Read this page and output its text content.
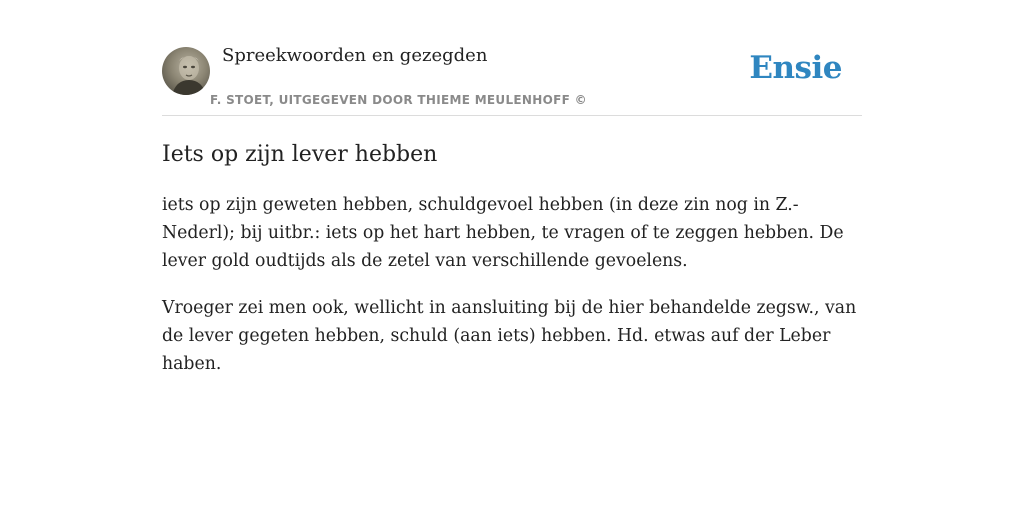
Spreekwoorden en gezegden
F. STOET, UITGEGEVEN DOOR THIEME MEULENHOFF ©
Ensie
Iets op zijn lever hebben

iets op zijn geweten hebben, schuldgevoel hebben (in deze zin nog in Z.-Nederl); bij uitbr.: iets op het hart hebben, te vragen of te zeggen hebben. De lever gold oudtijds als de zetel van verschillende gevoelens.

Vroeger zei men ook, wellicht in aansluiting bij de hier behandelde zegsw., van de lever gegeten hebben, schuld (aan iets) hebben. Hd. etwas auf der Leber haben.
